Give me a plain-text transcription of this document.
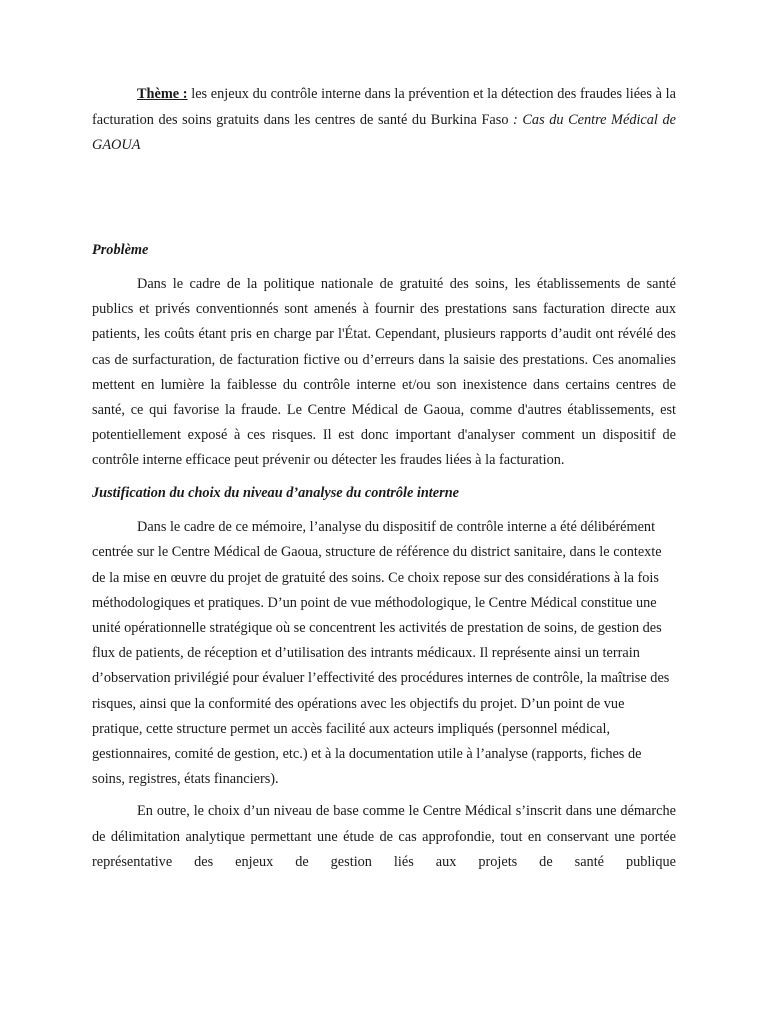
Thème : les enjeux du contrôle interne dans la prévention et la détection des fraudes liées à la facturation des soins gratuits dans les centres de santé du Burkina Faso : Cas du Centre Médical de GAOUA

Problème

Dans le cadre de la politique nationale de gratuité des soins, les établissements de santé publics et privés conventionnés sont amenés à fournir des prestations sans facturation directe aux patients, les coûts étant pris en charge par l'État. Cependant, plusieurs rapports d’audit ont révélé des cas de surfacturation, de facturation fictive ou d’erreurs dans la saisie des prestations. Ces anomalies mettent en lumière la faiblesse du contrôle interne et/ou son inexistence dans certains centres de santé, ce qui favorise la fraude. Le Centre Médical de Gaoua, comme d'autres établissements, est potentiellement exposé à ces risques. Il est donc important d'analyser comment un dispositif de contrôle interne efficace peut prévenir ou détecter les fraudes liées à la facturation.

Justification du choix du niveau d’analyse du contrôle interne

Dans le cadre de ce mémoire, l’analyse du dispositif de contrôle interne a été délibérément centrée sur le Centre Médical de Gaoua, structure de référence du district sanitaire, dans le contexte de la mise en œuvre du projet de gratuité des soins. Ce choix repose sur des considérations à la fois méthodologiques et pratiques. D’un point de vue méthodologique, le Centre Médical constitue une unité opérationnelle stratégique où se concentrent les activités de prestation de soins, de gestion des flux de patients, de réception et d’utilisation des intrants médicaux. Il représente ainsi un terrain d’observation privilégié pour évaluer l’effectivité des procédures internes de contrôle, la maîtrise des risques, ainsi que la conformité des opérations avec les objectifs du projet. D’un point de vue pratique, cette structure permet un accès facilité aux acteurs impliqués (personnel médical, gestionnaires, comité de gestion, etc.) et à la documentation utile à l’analyse (rapports, fiches de soins, registres, états financiers).

En outre, le choix d’un niveau de base comme le Centre Médical s’inscrit dans une démarche de délimitation analytique permettant une étude de cas approfondie, tout en conservant une portée représentative des enjeux de gestion liés aux projets de santé publique
